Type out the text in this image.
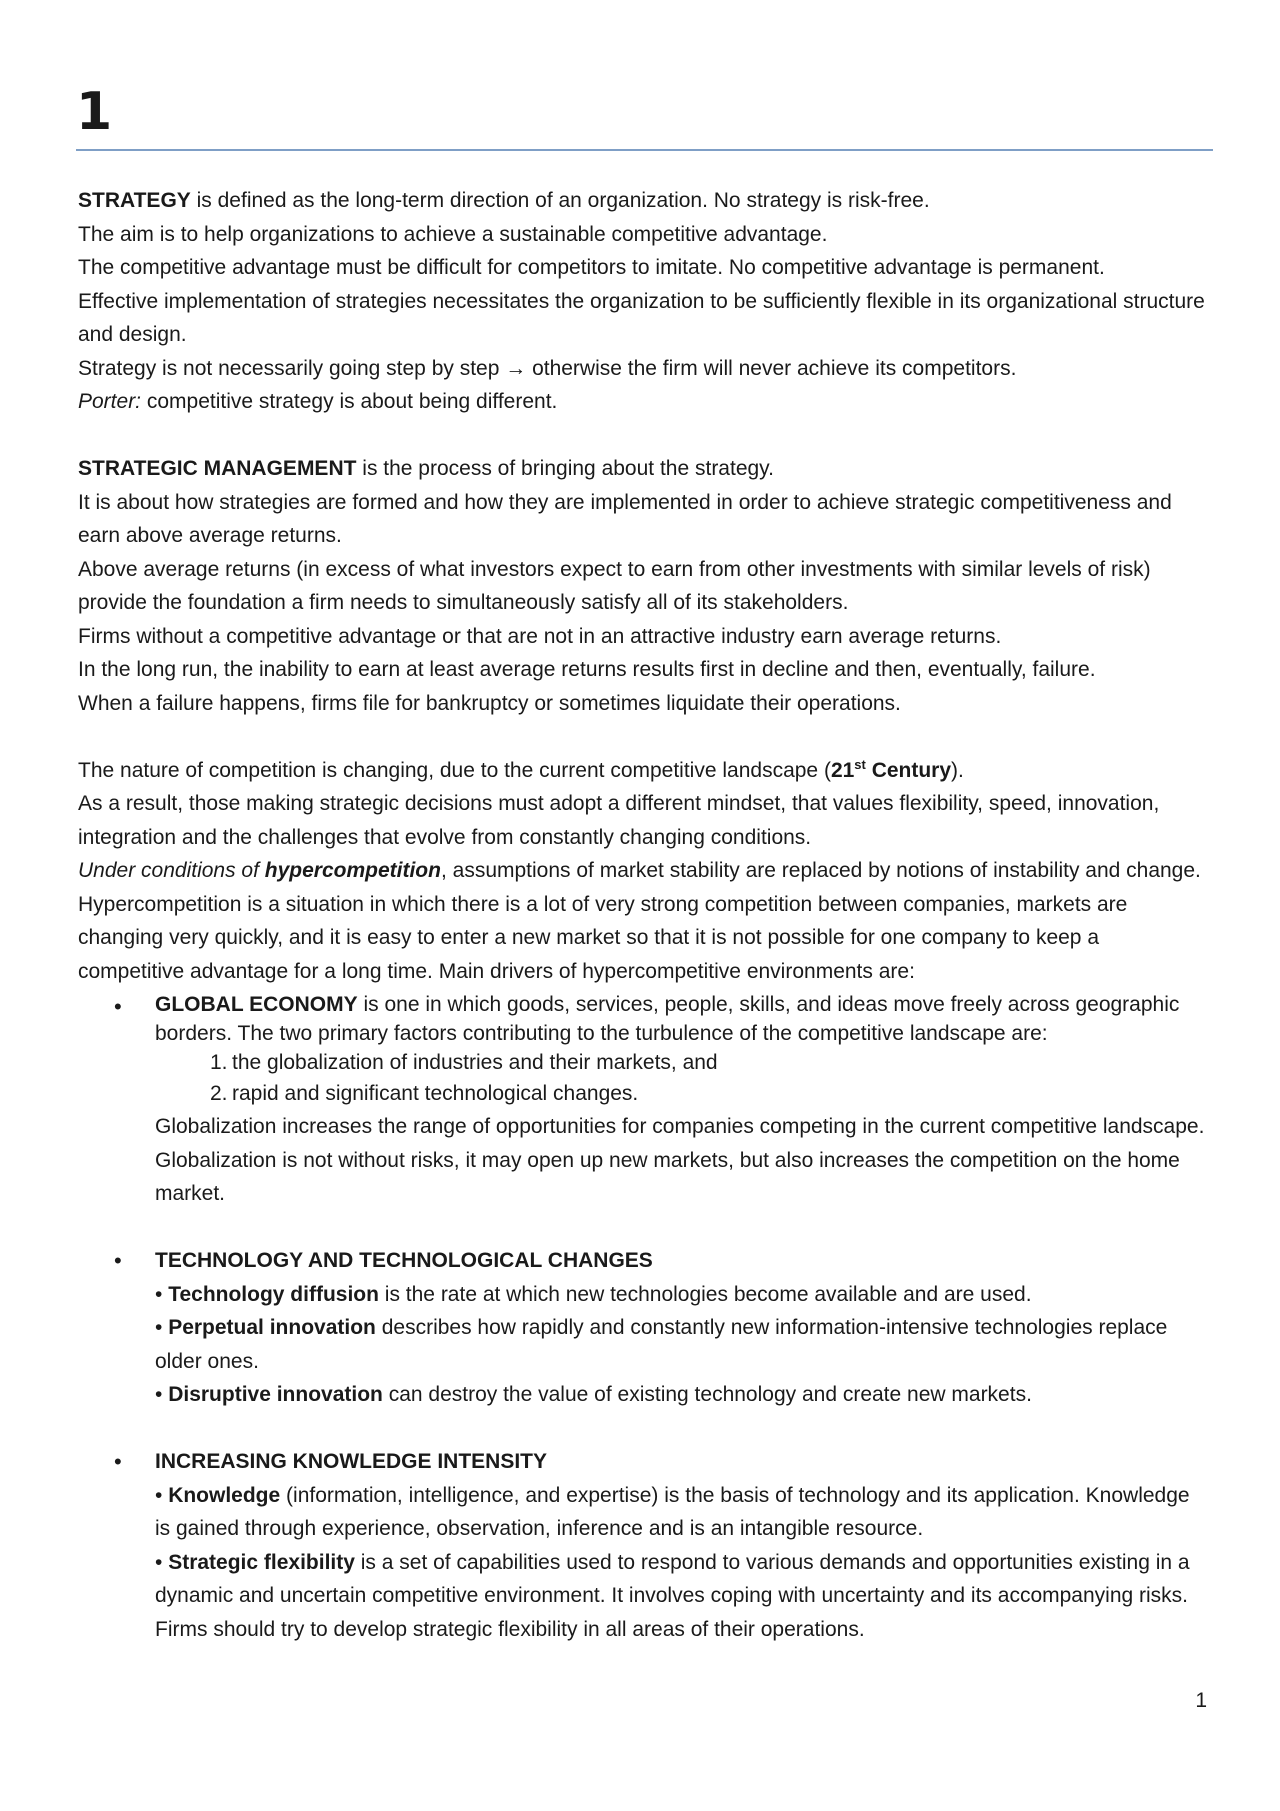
1

STRATEGY is defined as the long-term direction of an organization. No strategy is risk-free.

The aim is to help organizations to achieve a sustainable competitive advantage.

The competitive advantage must be difficult for competitors to imitate. No competitive advantage is permanent.

Effective implementation of strategies necessitates the organization to be sufficiently flexible in its organizational structure and design.

Strategy is not necessarily going step by step → otherwise the firm will never achieve its competitors.

Porter: competitive strategy is about being different.

STRATEGIC MANAGEMENT is the process of bringing about the strategy.

It is about how strategies are formed and how they are implemented in order to achieve strategic competitiveness and earn above average returns.

Above average returns (in excess of what investors expect to earn from other investments with similar levels of risk) provide the foundation a firm needs to simultaneously satisfy all of its stakeholders.

Firms without a competitive advantage or that are not in an attractive industry earn average returns.

In the long run, the inability to earn at least average returns results first in decline and then, eventually, failure.

When a failure happens, firms file for bankruptcy or sometimes liquidate their operations.

The nature of competition is changing, due to the current competitive landscape (21st Century).

As a result, those making strategic decisions must adopt a different mindset, that values flexibility, speed, innovation, integration and the challenges that evolve from constantly changing conditions.

Under conditions of hypercompetition, assumptions of market stability are replaced by notions of instability and change.

Hypercompetition is a situation in which there is a lot of very strong competition between companies, markets are changing very quickly, and it is easy to enter a new market so that it is not possible for one company to keep a competitive advantage for a long time. Main drivers of hypercompetitive environments are:

• GLOBAL ECONOMY is one in which goods, services, people, skills, and ideas move freely across geographic borders. The two primary factors contributing to the turbulence of the competitive landscape are:

1. the globalization of industries and their markets, and
2. rapid and significant technological changes.

Globalization increases the range of opportunities for companies competing in the current competitive landscape. Globalization is not without risks, it may open up new markets, but also increases the competition on the home market.

• TECHNOLOGY AND TECHNOLOGICAL CHANGES

• Technology diffusion is the rate at which new technologies become available and are used.

• Perpetual innovation describes how rapidly and constantly new information-intensive technologies replace older ones.

• Disruptive innovation can destroy the value of existing technology and create new markets.

• INCREASING KNOWLEDGE INTENSITY

• Knowledge (information, intelligence, and expertise) is the basis of technology and its application. Knowledge is gained through experience, observation, inference and is an intangible resource.

• Strategic flexibility is a set of capabilities used to respond to various demands and opportunities existing in a dynamic and uncertain competitive environment. It involves coping with uncertainty and its accompanying risks. Firms should try to develop strategic flexibility in all areas of their operations.

1
